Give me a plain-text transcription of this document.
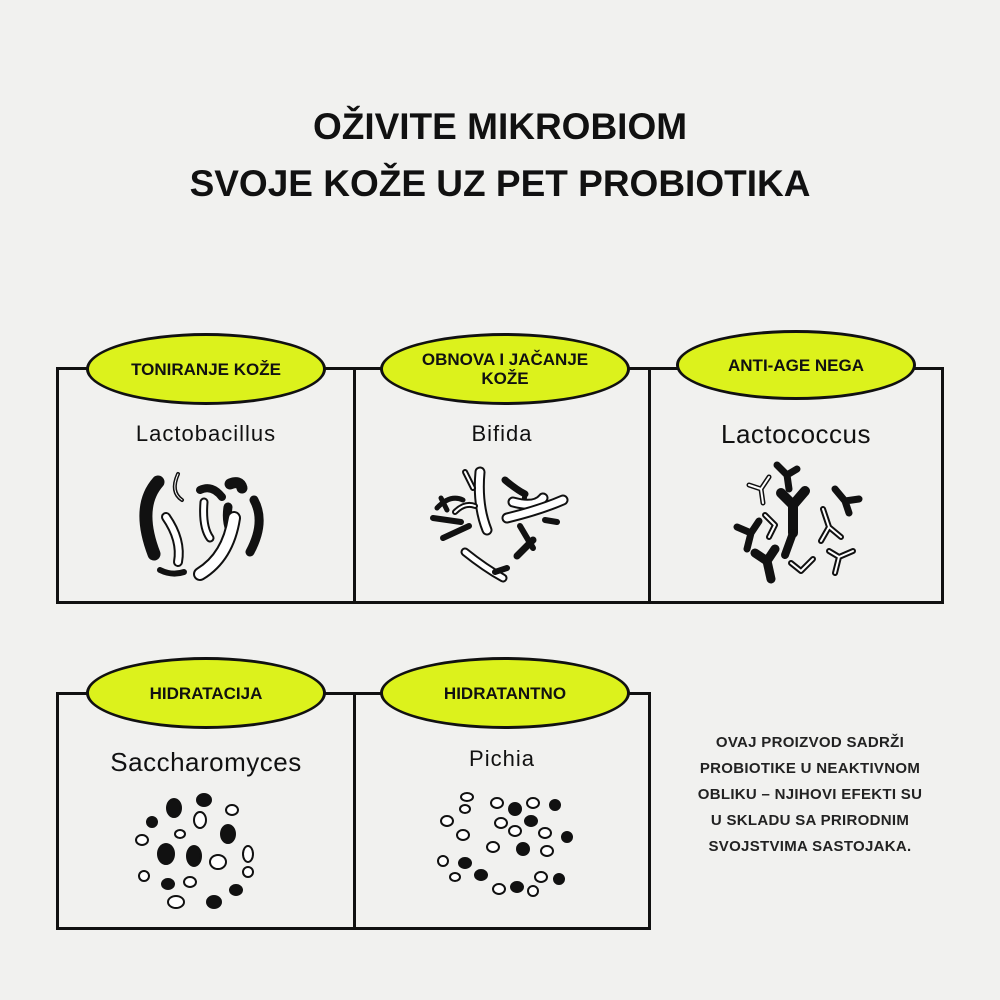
OŽIVITE MIKROBIOM
SVOJE KOŽE UZ PET PROBIOTIKA
TONIRANJE KOŽE	OBNOVA I JAČANJE KOŽE
ANTI-AGE NEGA
HIDRATACIJA	HIDRATANTNO
Lactobacillus	Bifida	Lactococcus
Saccharomyces	Pichia
OVAJ PROIZVOD SADRŽI PROBIOTIKE U NEAKTIVNOM OBLIKU – NJIHOVI EFEKTI SU U SKLADU SA PRIRODNIM SVOJSTVIMA SASTOJAKA.
